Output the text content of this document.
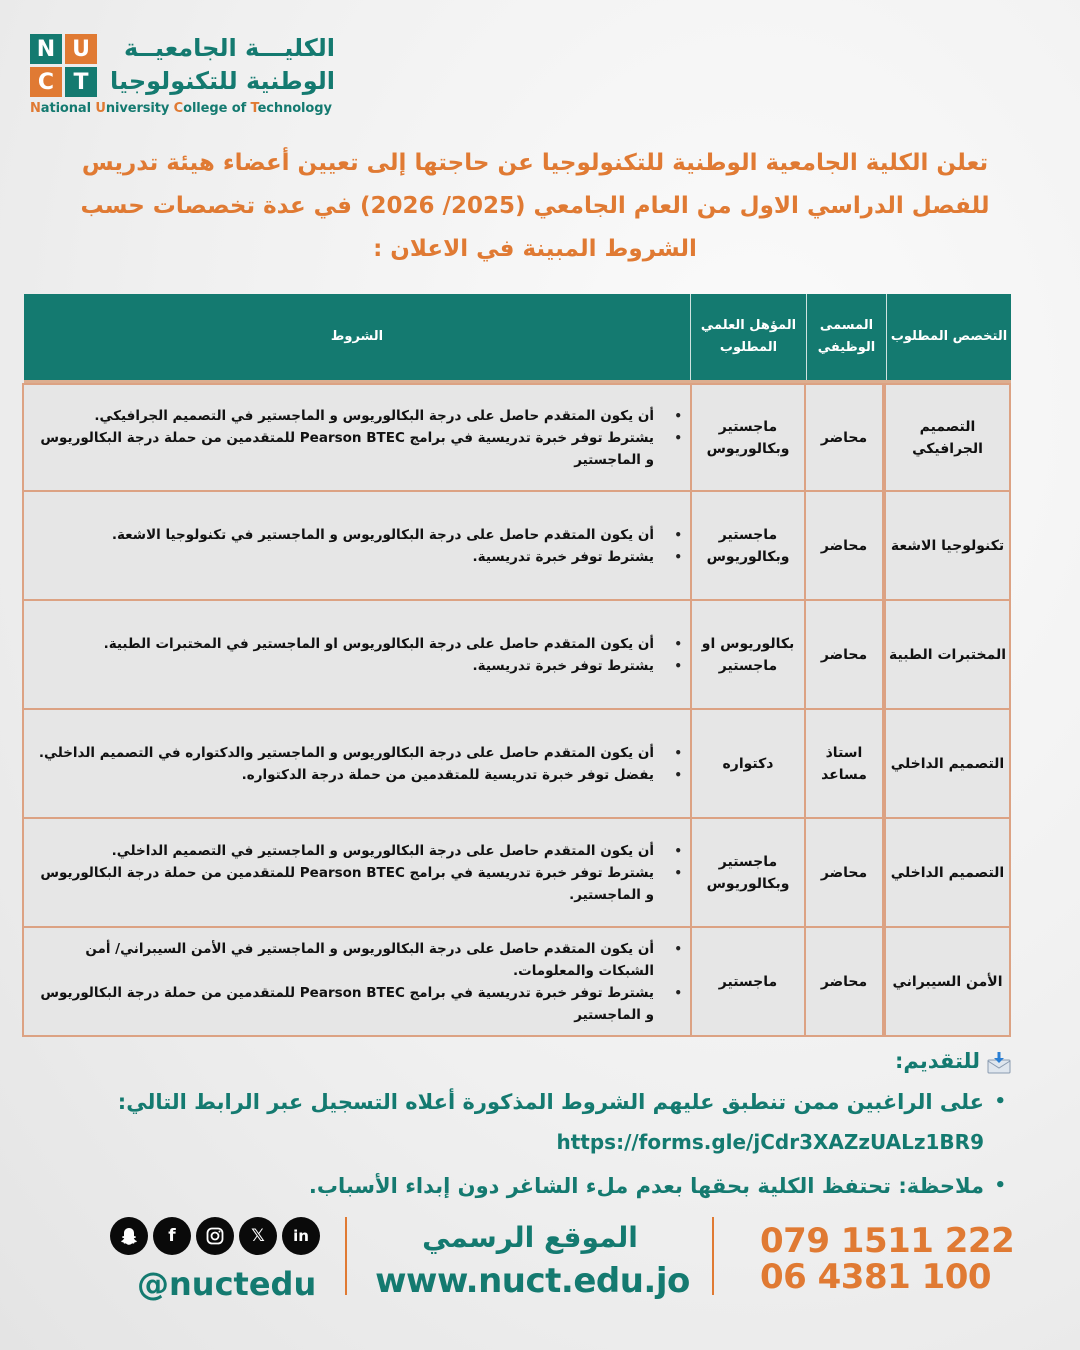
N U
C T
الكليـــة الجامعيــة
الوطنية للتكنولوجيا
National University College of Technology
تعلن الكلية الجامعية الوطنية للتكنولوجيا عن حاجتها إلى تعيين أعضاء هيئة تدريس للفصل الدراسي الاول من العام الجامعي (2025/ 2026) في عدة تخصصات حسب الشروط المبينة في الاعلان :
التخصص المطلوب
المسمى الوظيفي
المؤهل العلمي المطلوب
الشروط
التصميم الجرافيكي
محاضر
ماجستير وبكالوريوس
• أن يكون المتقدم حاصل على درجة البكالوريوس و الماجستير في التصميم الجرافيكي.
• يشترط توفر خبرة تدريسية في برامج Pearson BTEC للمتقدمين من حملة درجة البكالوريوس و الماجستير
تكنولوجيا الاشعة
محاضر
ماجستير وبكالوريوس
• أن يكون المتقدم حاصل على درجة البكالوريوس و الماجستير في تكنولوجيا الاشعة.
• يشترط توفر خبرة تدريسية.
المختبرات الطبية
محاضر
بكالوريوس او ماجستير
• أن يكون المتقدم حاصل على درجة البكالوريوس او الماجستير في المختبرات الطبية.
• يشترط توفر خبرة تدريسية.
التصميم الداخلي
استاذ مساعد
دكتواره
• أن يكون المتقدم حاصل على درجة البكالوريوس و الماجستير والدكتواره في التصميم الداخلي.
• يفضل توفر خبرة تدريسية للمتقدمين من حملة درجة الدكتواره.
التصميم الداخلي
محاضر
ماجستير وبكالوريوس
• أن يكون المتقدم حاصل على درجة البكالوريوس و الماجستير في التصميم الداخلي.
• يشترط توفر خبرة تدريسية في برامج Pearson BTEC للمتقدمين من حملة درجة البكالوريوس و الماجستير.
الأمن السيبراني
محاضر
ماجستير
• أن يكون المتقدم حاصل على درجة البكالوريوس و الماجستير في الأمن السيبراني/ أمن الشبكات والمعلومات.
• يشترط توفر خبرة تدريسية في برامج Pearson BTEC للمتقدمين من حملة درجة البكالوريوس و الماجستير
للتقديم:
• على الراغبين ممن تنطبق عليهم الشروط المذكورة أعلاه التسجيل عبر الرابط التالي:
https://forms.gle/jCdr3XAZzUALz1BR9
• ملاحظة: تحتفظ الكلية بحقها بعدم ملء الشاغر دون إبداء الأسباب.
f	𝕏	in
@nuctedu
الموقع الرسمي
www.nuct.edu.jo
079 1511 222
06 4381 100
